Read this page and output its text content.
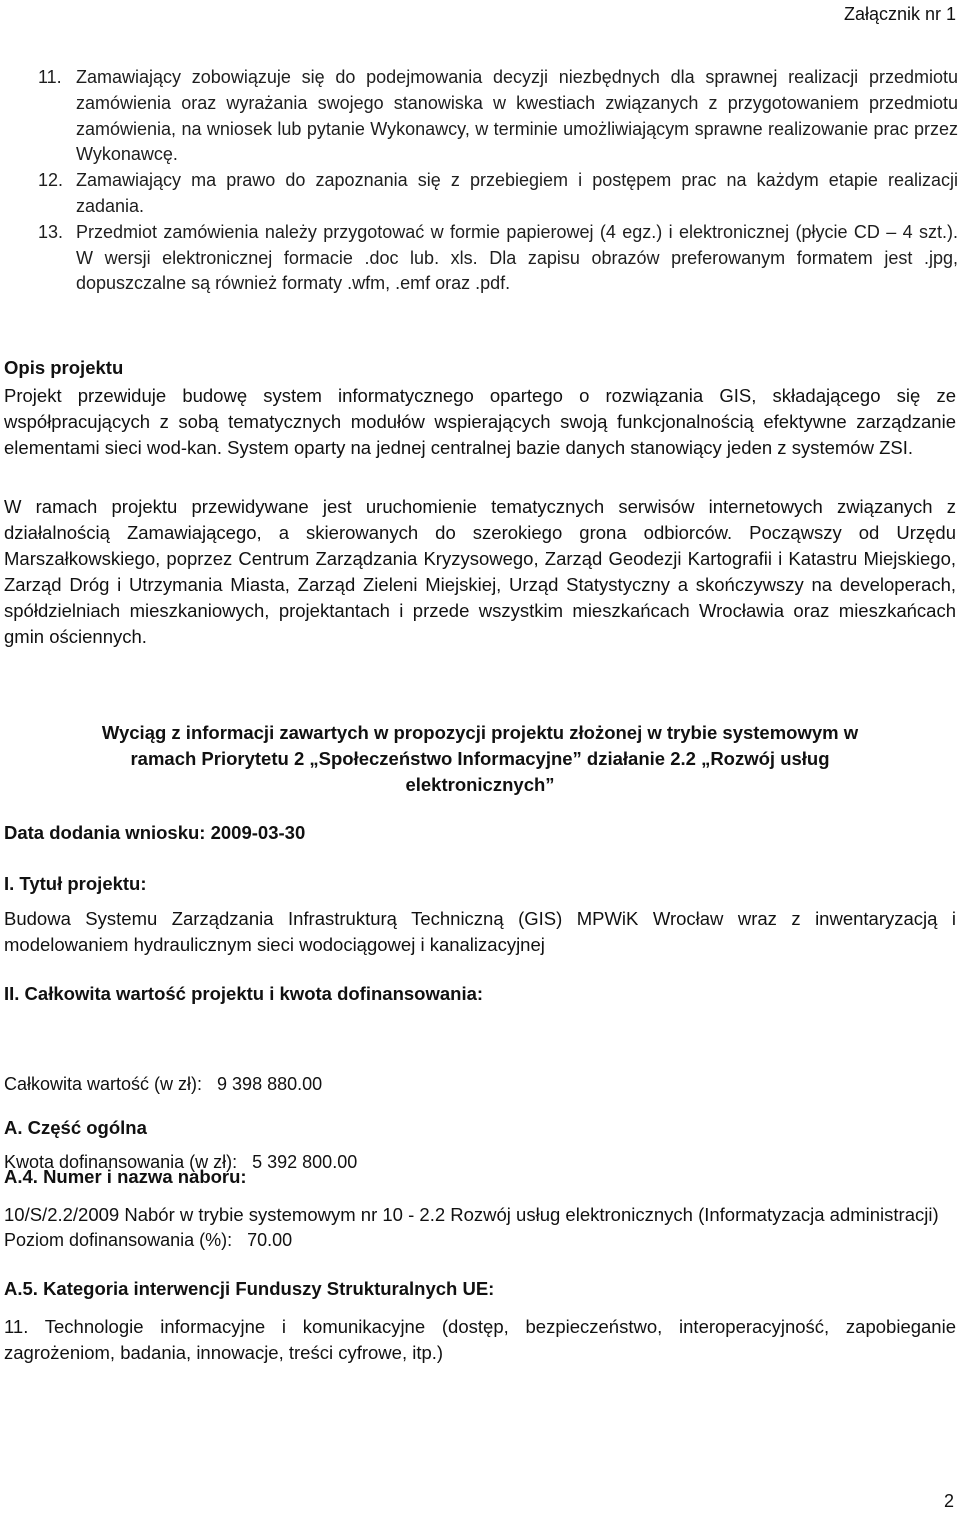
Załącznik nr 1
11. Zamawiający zobowiązuje się do podejmowania decyzji niezbędnych dla sprawnej realizacji przedmiotu zamówienia oraz wyrażania swojego stanowiska w kwestiach związanych z przygotowaniem przedmiotu zamówienia, na wniosek lub pytanie Wykonawcy, w terminie umożliwiającym sprawne realizowanie prac przez Wykonawcę.
12. Zamawiający ma prawo do zapoznania się z przebiegiem i postępem prac na każdym etapie realizacji zadania.
13. Przedmiot zamówienia należy przygotować w formie papierowej (4 egz.) i elektronicznej (płycie CD – 4 szt.). W wersji elektronicznej formacie .doc lub. xls. Dla zapisu obrazów preferowanym formatem jest .jpg, dopuszczalne są również formaty .wfm, .emf oraz .pdf.
Opis projektu
Projekt przewiduje budowę system informatycznego opartego o rozwiązania GIS, składającego się ze współpracujących z sobą tematycznych modułów wspierających swoją funkcjonalnością efektywne zarządzanie elementami sieci wod-kan. System oparty na jednej centralnej bazie danych stanowiący jeden z systemów ZSI.
W ramach projektu przewidywane jest uruchomienie tematycznych serwisów internetowych związanych z działalnością Zamawiającego, a skierowanych do szerokiego grona odbiorców. Począwszy od Urzędu Marszałkowskiego, poprzez Centrum Zarządzania Kryzysowego, Zarząd Geodezji Kartografii i Katastru Miejskiego, Zarząd Dróg i Utrzymania Miasta, Zarząd Zieleni Miejskiej, Urząd Statystyczny a skończywszy na developerach, spółdzielniach mieszkaniowych, projektantach i przede wszystkim mieszkańcach Wrocławia oraz mieszkańcach gmin ościennych.
Wyciąg z informacji zawartych w propozycji projektu złożonej w trybie systemowym w
ramach Priorytetu 2 „Społeczeństwo Informacyjne” działanie 2.2 „Rozwój usług
elektronicznych”
Data dodania wniosku: 2009-03-30
I. Tytuł projektu:
Budowa Systemu Zarządzania Infrastrukturą Techniczną (GIS) MPWiK Wrocław wraz z inwentaryzacją i modelowaniem hydraulicznym sieci wodociągowej i kanalizacyjnej
II. Całkowita wartość projektu i kwota dofinansowania:

Całkowita wartość (w zł):   9 398 880.00

Kwota dofinansowania (w zł):   5 392 800.00

Poziom dofinansowania (%):   70.00

A. Część ogólna
A.4. Numer i nazwa naboru:
10/S/2.2/2009 Nabór w trybie systemowym nr 10 - 2.2 Rozwój usług elektronicznych (Informatyzacja administracji)
A.5. Kategoria interwencji Funduszy Strukturalnych UE:
11. Technologie informacyjne i komunikacyjne (dostęp, bezpieczeństwo, interoperacyjność, zapobieganie zagrożeniom, badania, innowacje, treści cyfrowe, itp.)
2
